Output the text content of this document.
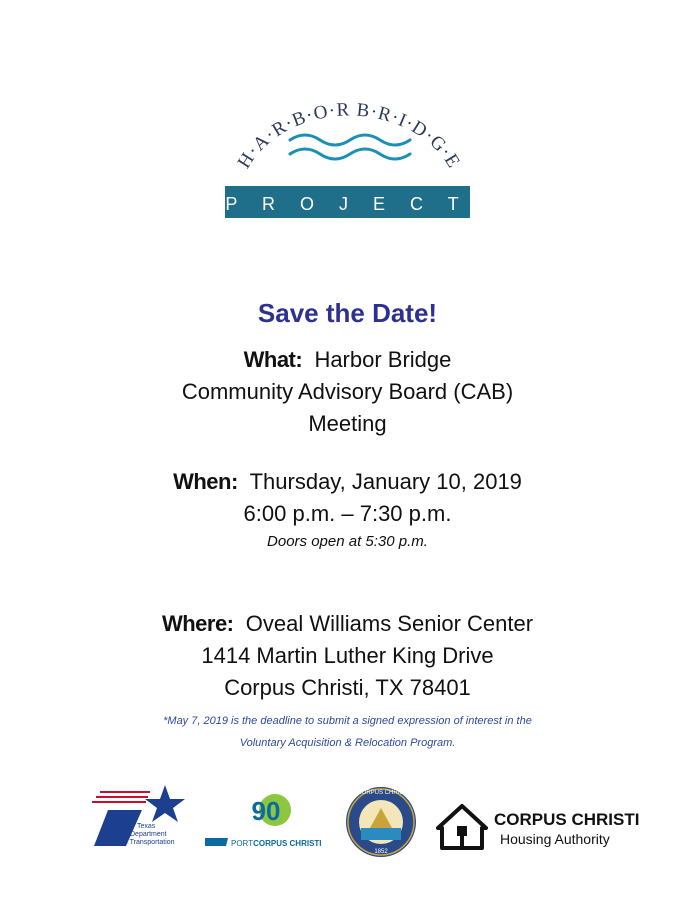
H·A·R·B·O·R B·R·I·D·G·E
P R O J E C T
Save the Date!
What: Harbor Bridge
Community Advisory Board (CAB)
Meeting
When: Thursday, January 10, 2019
6:00 p.m. – 7:30 p.m.
Doors open at 5:30 p.m.
Where: Oveal Williams Senior Center
1414 Martin Luther King Drive
Corpus Christi, TX 78401
*May 7, 2019 is the deadline to submit a signed expression of interest in the
Voluntary Acquisition & Relocation Program.
Texas
Department
of Transportation
90
PORTCORPUS CHRISTI
CITY OF CORPUS CHRISTI TEXAS
1852
CORPUS CHRISTI
Housing Authority
